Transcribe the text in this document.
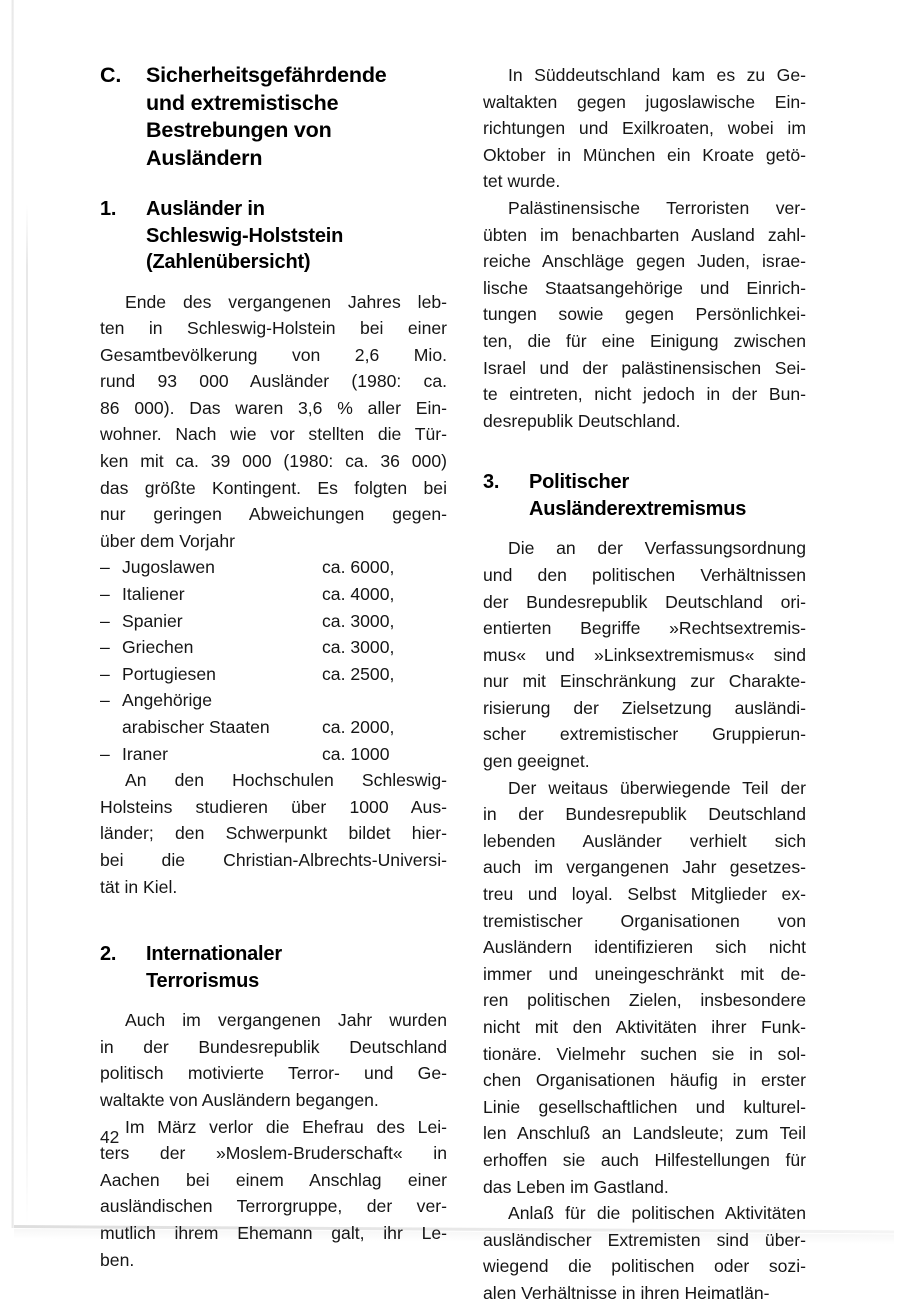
C. Sicherheitsgefährdende
und extremistische
Bestrebungen von
Ausländern
1. Ausländer in
Schleswig-Holststein
(Zahlenübersicht)
Ende des vergangenen Jahres leb-
ten in Schleswig-Holstein bei einer
Gesamtbevölkerung von 2,6 Mio.
rund 93 000 Ausländer (1980: ca.
86 000). Das waren 3,6 % aller Ein-
wohner. Nach wie vor stellten die Tür-
ken mit ca. 39 000 (1980: ca. 36 000)
das größte Kontingent. Es folgten bei
nur geringen Abweichungen gegen-
über dem Vorjahr
– Jugoslawen	ca. 6000,
– Italiener	ca. 4000,
– Spanier	ca. 3000,
– Griechen	ca. 3000,
– Portugiesen	ca. 2500,
– Angehörige
arabischer Staaten	ca. 2000,
– Iraner	ca. 1000
An den Hochschulen Schleswig-
Holsteins studieren über 1000 Aus-
länder; den Schwerpunkt bildet hier-
bei die Christian-Albrechts-Universi-
tät in Kiel.
2. Internationaler
Terrorismus
Auch im vergangenen Jahr wurden
in der Bundesrepublik Deutschland
politisch motivierte Terror- und Ge-
waltakte von Ausländern begangen.
Im März verlor die Ehefrau des Lei-
ters der »Moslem-Bruderschaft« in
Aachen bei einem Anschlag einer
ausländischen Terrorgruppe, der ver-
mutlich ihrem Ehemann galt, ihr Le-
ben.
In Süddeutschland kam es zu Ge-
waltakten gegen jugoslawische Ein-
richtungen und Exilkroaten, wobei im
Oktober in München ein Kroate getö-
tet wurde.
Palästinensische Terroristen ver-
übten im benachbarten Ausland zahl-
reiche Anschläge gegen Juden, israe-
lische Staatsangehörige und Einrich-
tungen sowie gegen Persönlichkei-
ten, die für eine Einigung zwischen
Israel und der palästinensischen Sei-
te eintreten, nicht jedoch in der Bun-
desrepublik Deutschland.
3. Politischer
Ausländerextremismus
Die an der Verfassungsordnung
und den politischen Verhältnissen
der Bundesrepublik Deutschland ori-
entierten Begriffe »Rechtsextremis-
mus« und »Linksextremismus« sind
nur mit Einschränkung zur Charakte-
risierung der Zielsetzung ausländi-
scher extremistischer Gruppierun-
gen geeignet.
Der weitaus überwiegende Teil der
in der Bundesrepublik Deutschland
lebenden Ausländer verhielt sich
auch im vergangenen Jahr gesetzes-
treu und loyal. Selbst Mitglieder ex-
tremistischer Organisationen von
Ausländern identifizieren sich nicht
immer und uneingeschränkt mit de-
ren politischen Zielen, insbesondere
nicht mit den Aktivitäten ihrer Funk-
tionäre. Vielmehr suchen sie in sol-
chen Organisationen häufig in erster
Linie gesellschaftlichen und kulturel-
len Anschluß an Landsleute; zum Teil
erhoffen sie auch Hilfestellungen für
das Leben im Gastland.
Anlaß für die politischen Aktivitäten
ausländischer Extremisten sind über-
wiegend die politischen oder sozi-
alen Verhältnisse in ihren Heimatlän-
42
